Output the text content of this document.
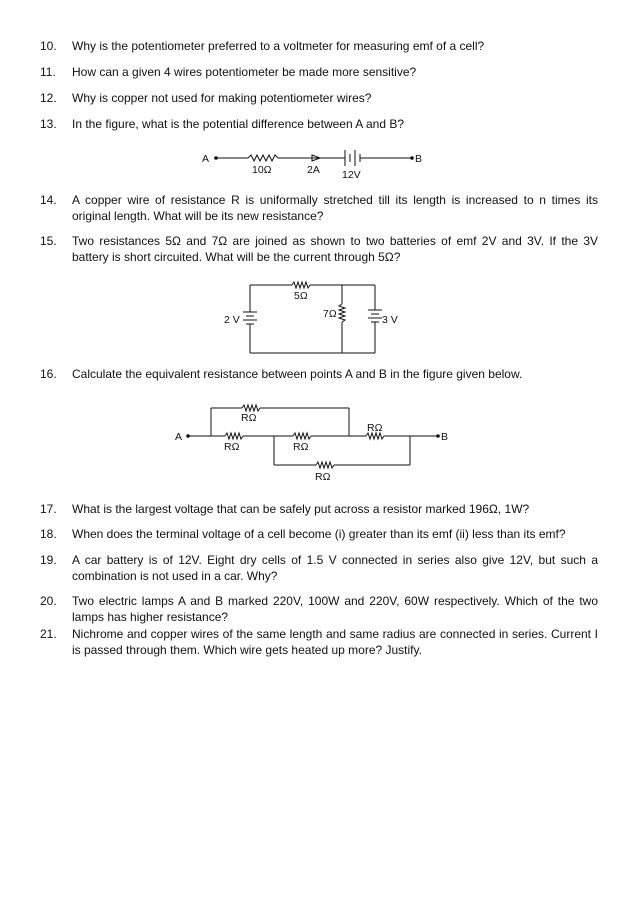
10.	Why is the potentiometer preferred to a voltmeter for measuring emf of a cell?
11.	How can a given 4 wires potentiometer be made more sensitive?
12.	Why is copper not used for making potentiometer wires?
13.	In the figure, what is the potential difference between A and B?
A	B
10Ω	2A 12V
14.	A copper wire of resistance R is uniformally stretched till its length is increased to n times its original length. What will be its new resistance?
15.	Two resistances 5Ω and 7Ω are joined as shown to two batteries of emf 2V and 3V. If the 3V battery is short circuited. What will be the current through 5Ω?
5Ω
7Ω
2 V	3 V
16.	Calculate the equivalent resistance between points A and B in the figure given below.
A	B
RΩ
RΩ	RΩ
RΩ
RΩ
17.	What is the largest voltage that can be safely put across a resistor marked 196Ω, 1W?
18.	When does the terminal voltage of a cell become (i) greater than its emf (ii) less than its emf?
19.	A car battery is of 12V. Eight dry cells of 1.5 V connected in series also give 12V, but such a combination is not used in a car. Why?
20.	Two electric lamps A and B marked 220V, 100W and 220V, 60W respectively. Which of the two lamps has higher resistance?
21.	Nichrome and copper wires of the same length and same radius are connected in series. Current I is passed through them. Which wire gets heated up more? Justify.
